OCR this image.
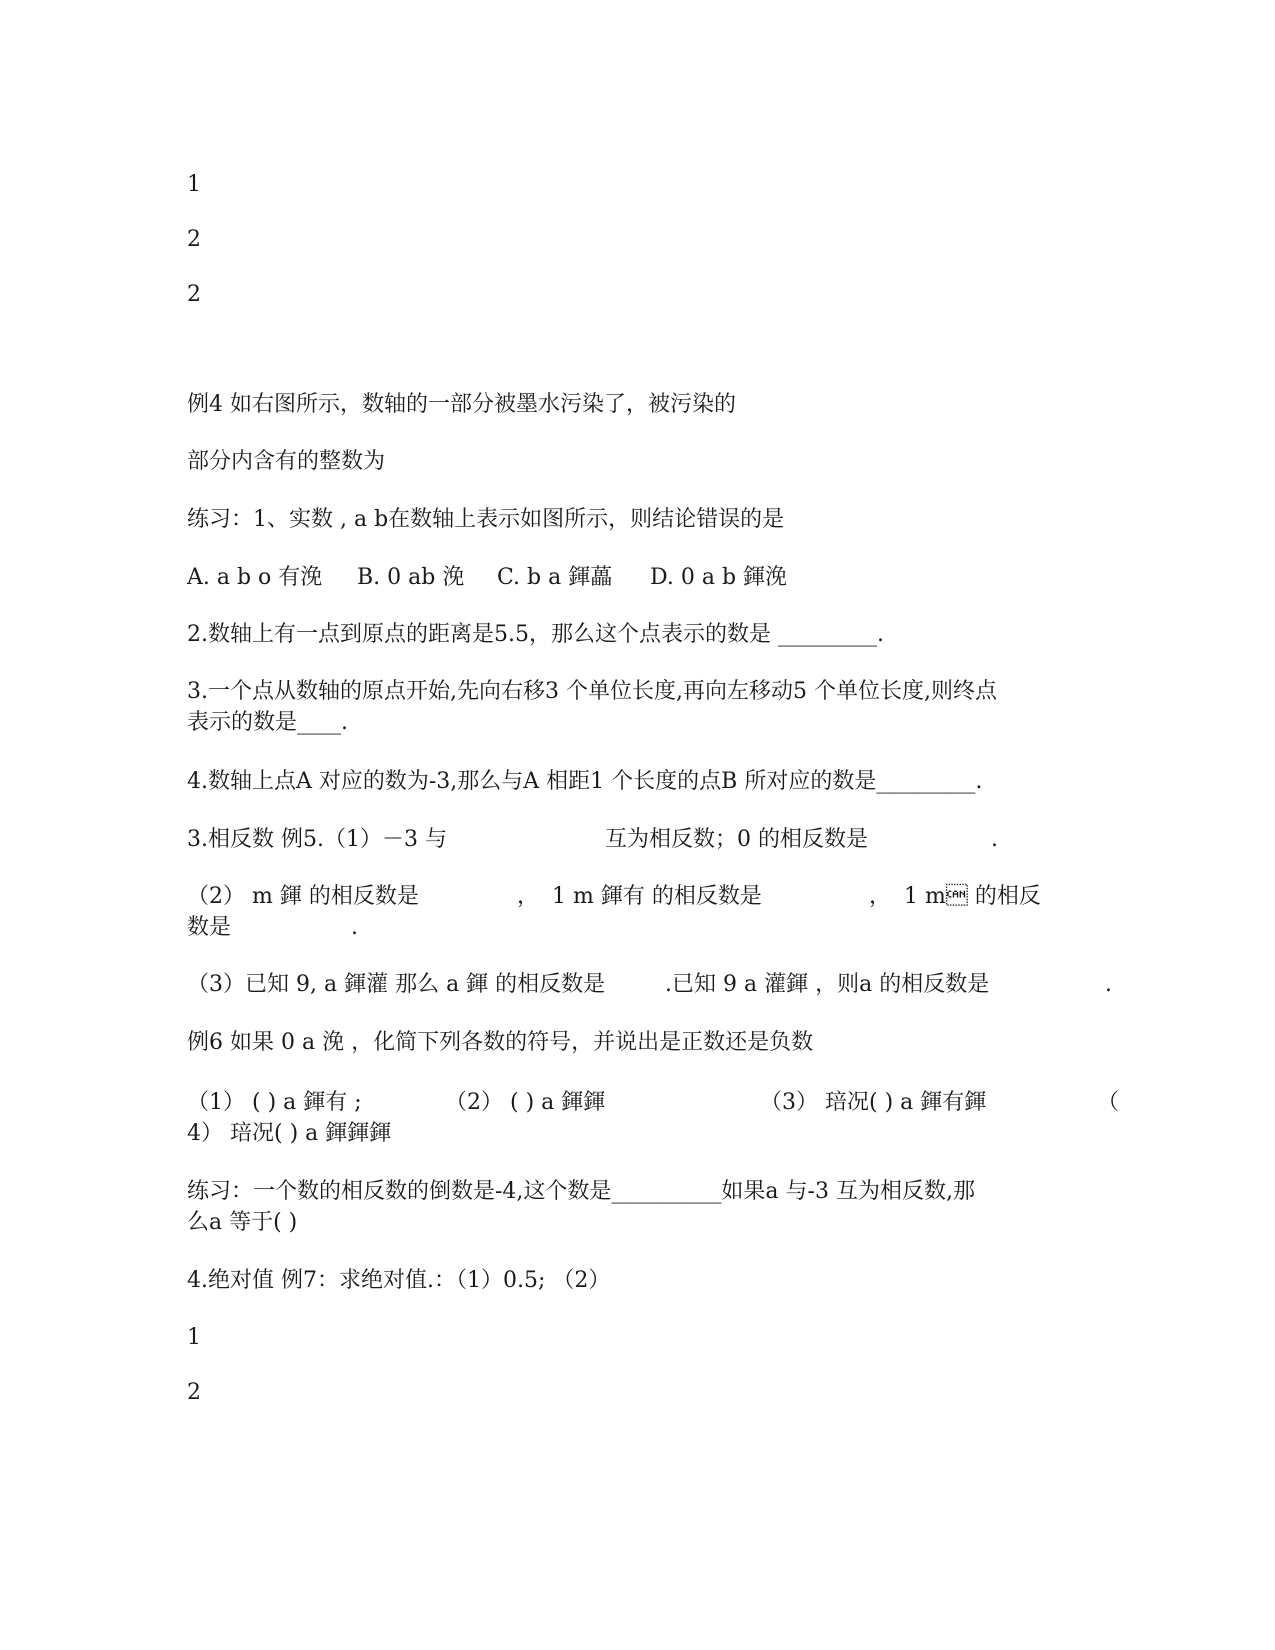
1

2

2

例4 如右图所示，数轴的一部分被墨水污染了，被污染的

部分内含有的整数为

练习：1、实数 , a b在数轴上表示如图所示，则结论错误的是

A. a b o 有浼 B. 0 ab 浼 C. b a 鍕藟 D. 0 a b 鍕浼

2.数轴上有一点到原点的距离是5.5，那么这个点表示的数是 _________.

3.一个点从数轴的原点开始,先向右移3 个单位长度,再向左移动5 个单位长度,则终点

表示的数是____.

4.数轴上点A 对应的数为-3,那么与A 相距1 个长度的点B 所对应的数是_________.

3.相反数 例5.（1）－3 与	互为相反数；0 的相反数是	.

（2） m 鍕 的相反数是	， 1 m 鍕有 的相反数是	， 1 m 的相反

数是	.

（3）已知 9, a 鍕灌 那么 a 鍕 的相反数是	.已知 9 a 灌鍕 ，则a 的相反数是	.

例6 如果 0 a 浼 ，化简下列各数的符号，并说出是正数还是负数

（1） ( ) a 鍕有 ;	（2） ( ) a 鍕鍕	（3） 琣况( ) a 鍕有鍕	（

4） 琣况( ) a 鍕鍕鍕

练习：一个数的相反数的倒数是-4,这个数是__________如果a 与-3 互为相反数,那

么a 等于( )

4.绝对值 例7：求绝对值.：（1）0.5; （2）

1

2
